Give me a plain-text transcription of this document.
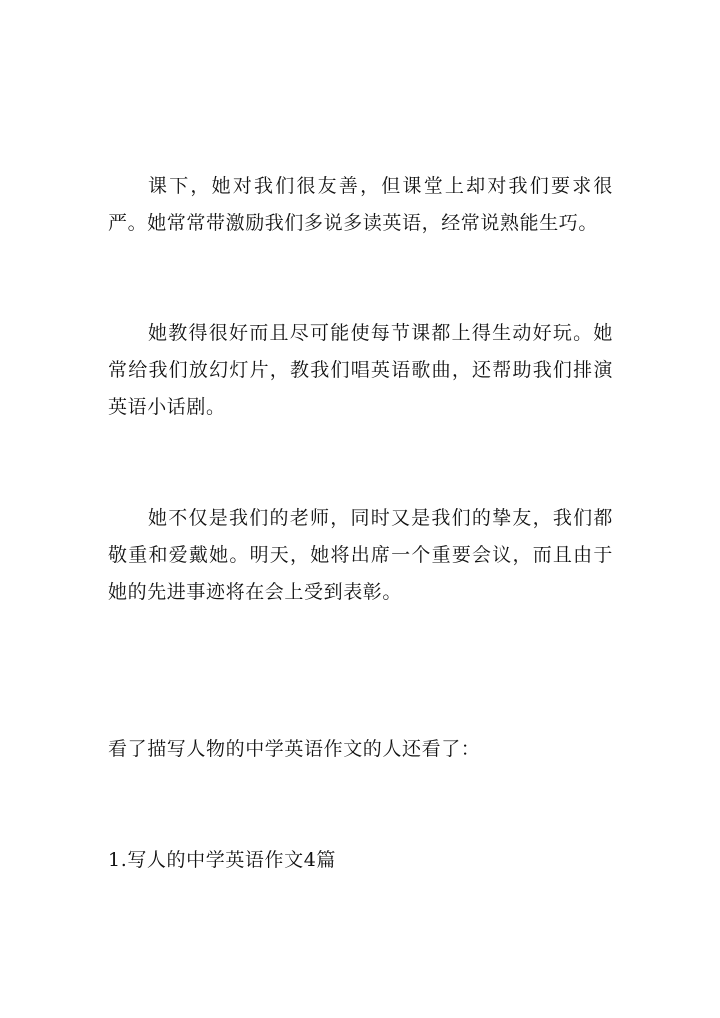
课下，她对我们很友善，但课堂上却对我们要求很严。她常常带激励我们多说多读英语，经常说熟能生巧。

她教得很好而且尽可能使每节课都上得生动好玩。她常给我们放幻灯片，教我们唱英语歌曲，还帮助我们排演英语小话剧。

她不仅是我们的老师，同时又是我们的挚友，我们都敬重和爱戴她。明天，她将出席一个重要会议，而且由于她的先进事迹将在会上受到表彰。

看了描写人物的中学英语作文的人还看了：

1.写人的中学英语作文4篇
